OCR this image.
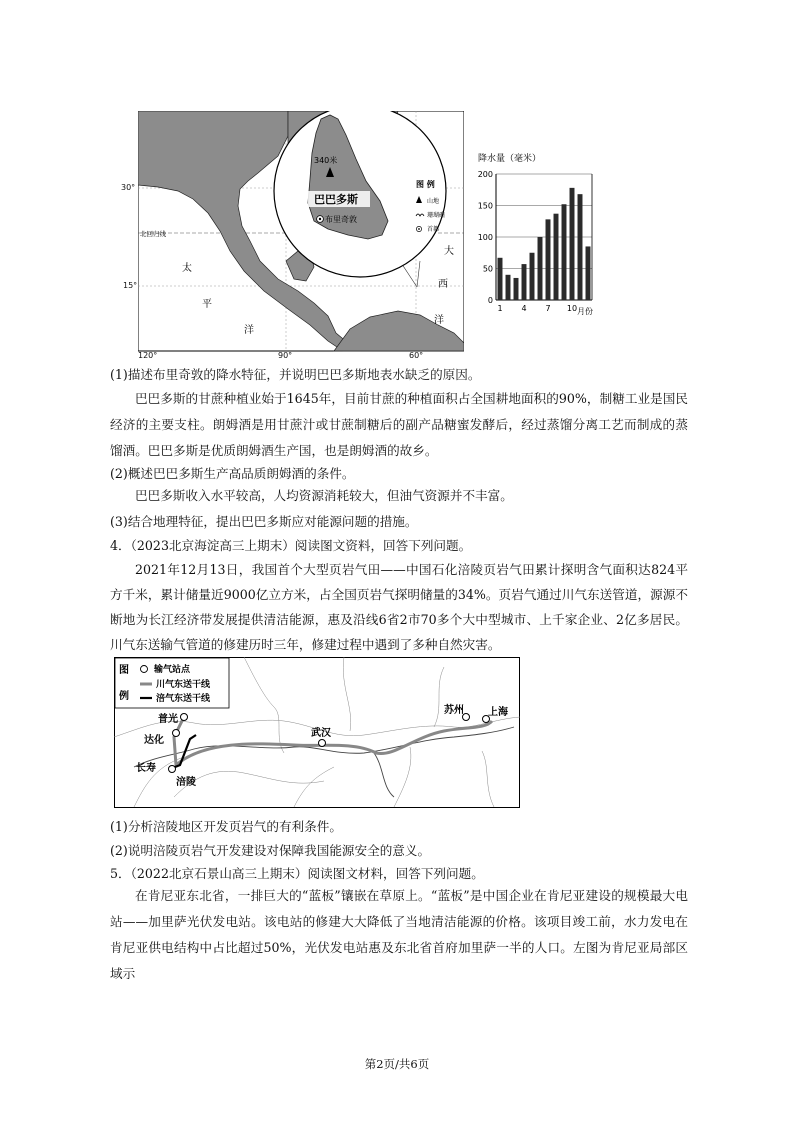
340米
巴巴多斯
布里奇敦
图 例
山地
珊瑚礁
首都
太
平
洋
大
西
洋
北回归线
30°
15°
120°	90°	60°
降水量（毫米）
0
50
100
150
200
1 4 7 10 月份
(1)描述布里奇敦的降水特征，并说明巴巴多斯地表水缺乏的原因。
巴巴多斯的甘蔗种植业始于1645年，目前甘蔗的种植面积占全国耕地面积的90%，制糖工业是国民经济的主要支柱。朗姆酒是用甘蔗汁或甘蔗制糖后的副产品糖蜜发酵后，经过蒸馏分离工艺而制成的蒸馏酒。巴巴多斯是优质朗姆酒生产国，也是朗姆酒的故乡。
(2)概述巴巴多斯生产高品质朗姆酒的条件。
巴巴多斯收入水平较高，人均资源消耗较大，但油气资源并不丰富。
(3)结合地理特征，提出巴巴多斯应对能源问题的措施。
4．（2023北京海淀高三上期末）阅读图文资料，回答下列问题。
2021年12月13日，我国首个大型页岩气田——中国石化涪陵页岩气田累计探明含气面积达824平方千米，累计储量近9000亿立方米，占全国页岩气探明储量的34%。页岩气通过川气东送管道，源源不断地为长江经济带发展提供清洁能源，惠及沿线6省2市70多个大中型城市、上千家企业、2亿多居民。川气东送输气管道的修建历时三年，修建过程中遇到了多种自然灾害。
图
例
输气站点
川气东送干线
涪气东送干线
普光
达化
长寿
涪陵
武汉
苏州 上海
(1)分析涪陵地区开发页岩气的有利条件。
(2)说明涪陵页岩气开发建设对保障我国能源安全的意义。
5．（2022北京石景山高三上期末）阅读图文材料，回答下列问题。
在肯尼亚东北省，一排巨大的“蓝板”镶嵌在草原上。“蓝板”是中国企业在肯尼亚建设的规模最大电站——加里萨光伏发电站。该电站的修建大大降低了当地清洁能源的价格。该项目竣工前，水力发电在肯尼亚供电结构中占比超过50%，光伏发电站惠及东北省首府加里萨一半的人口。左图为肯尼亚局部区域示
第2页/共6页
